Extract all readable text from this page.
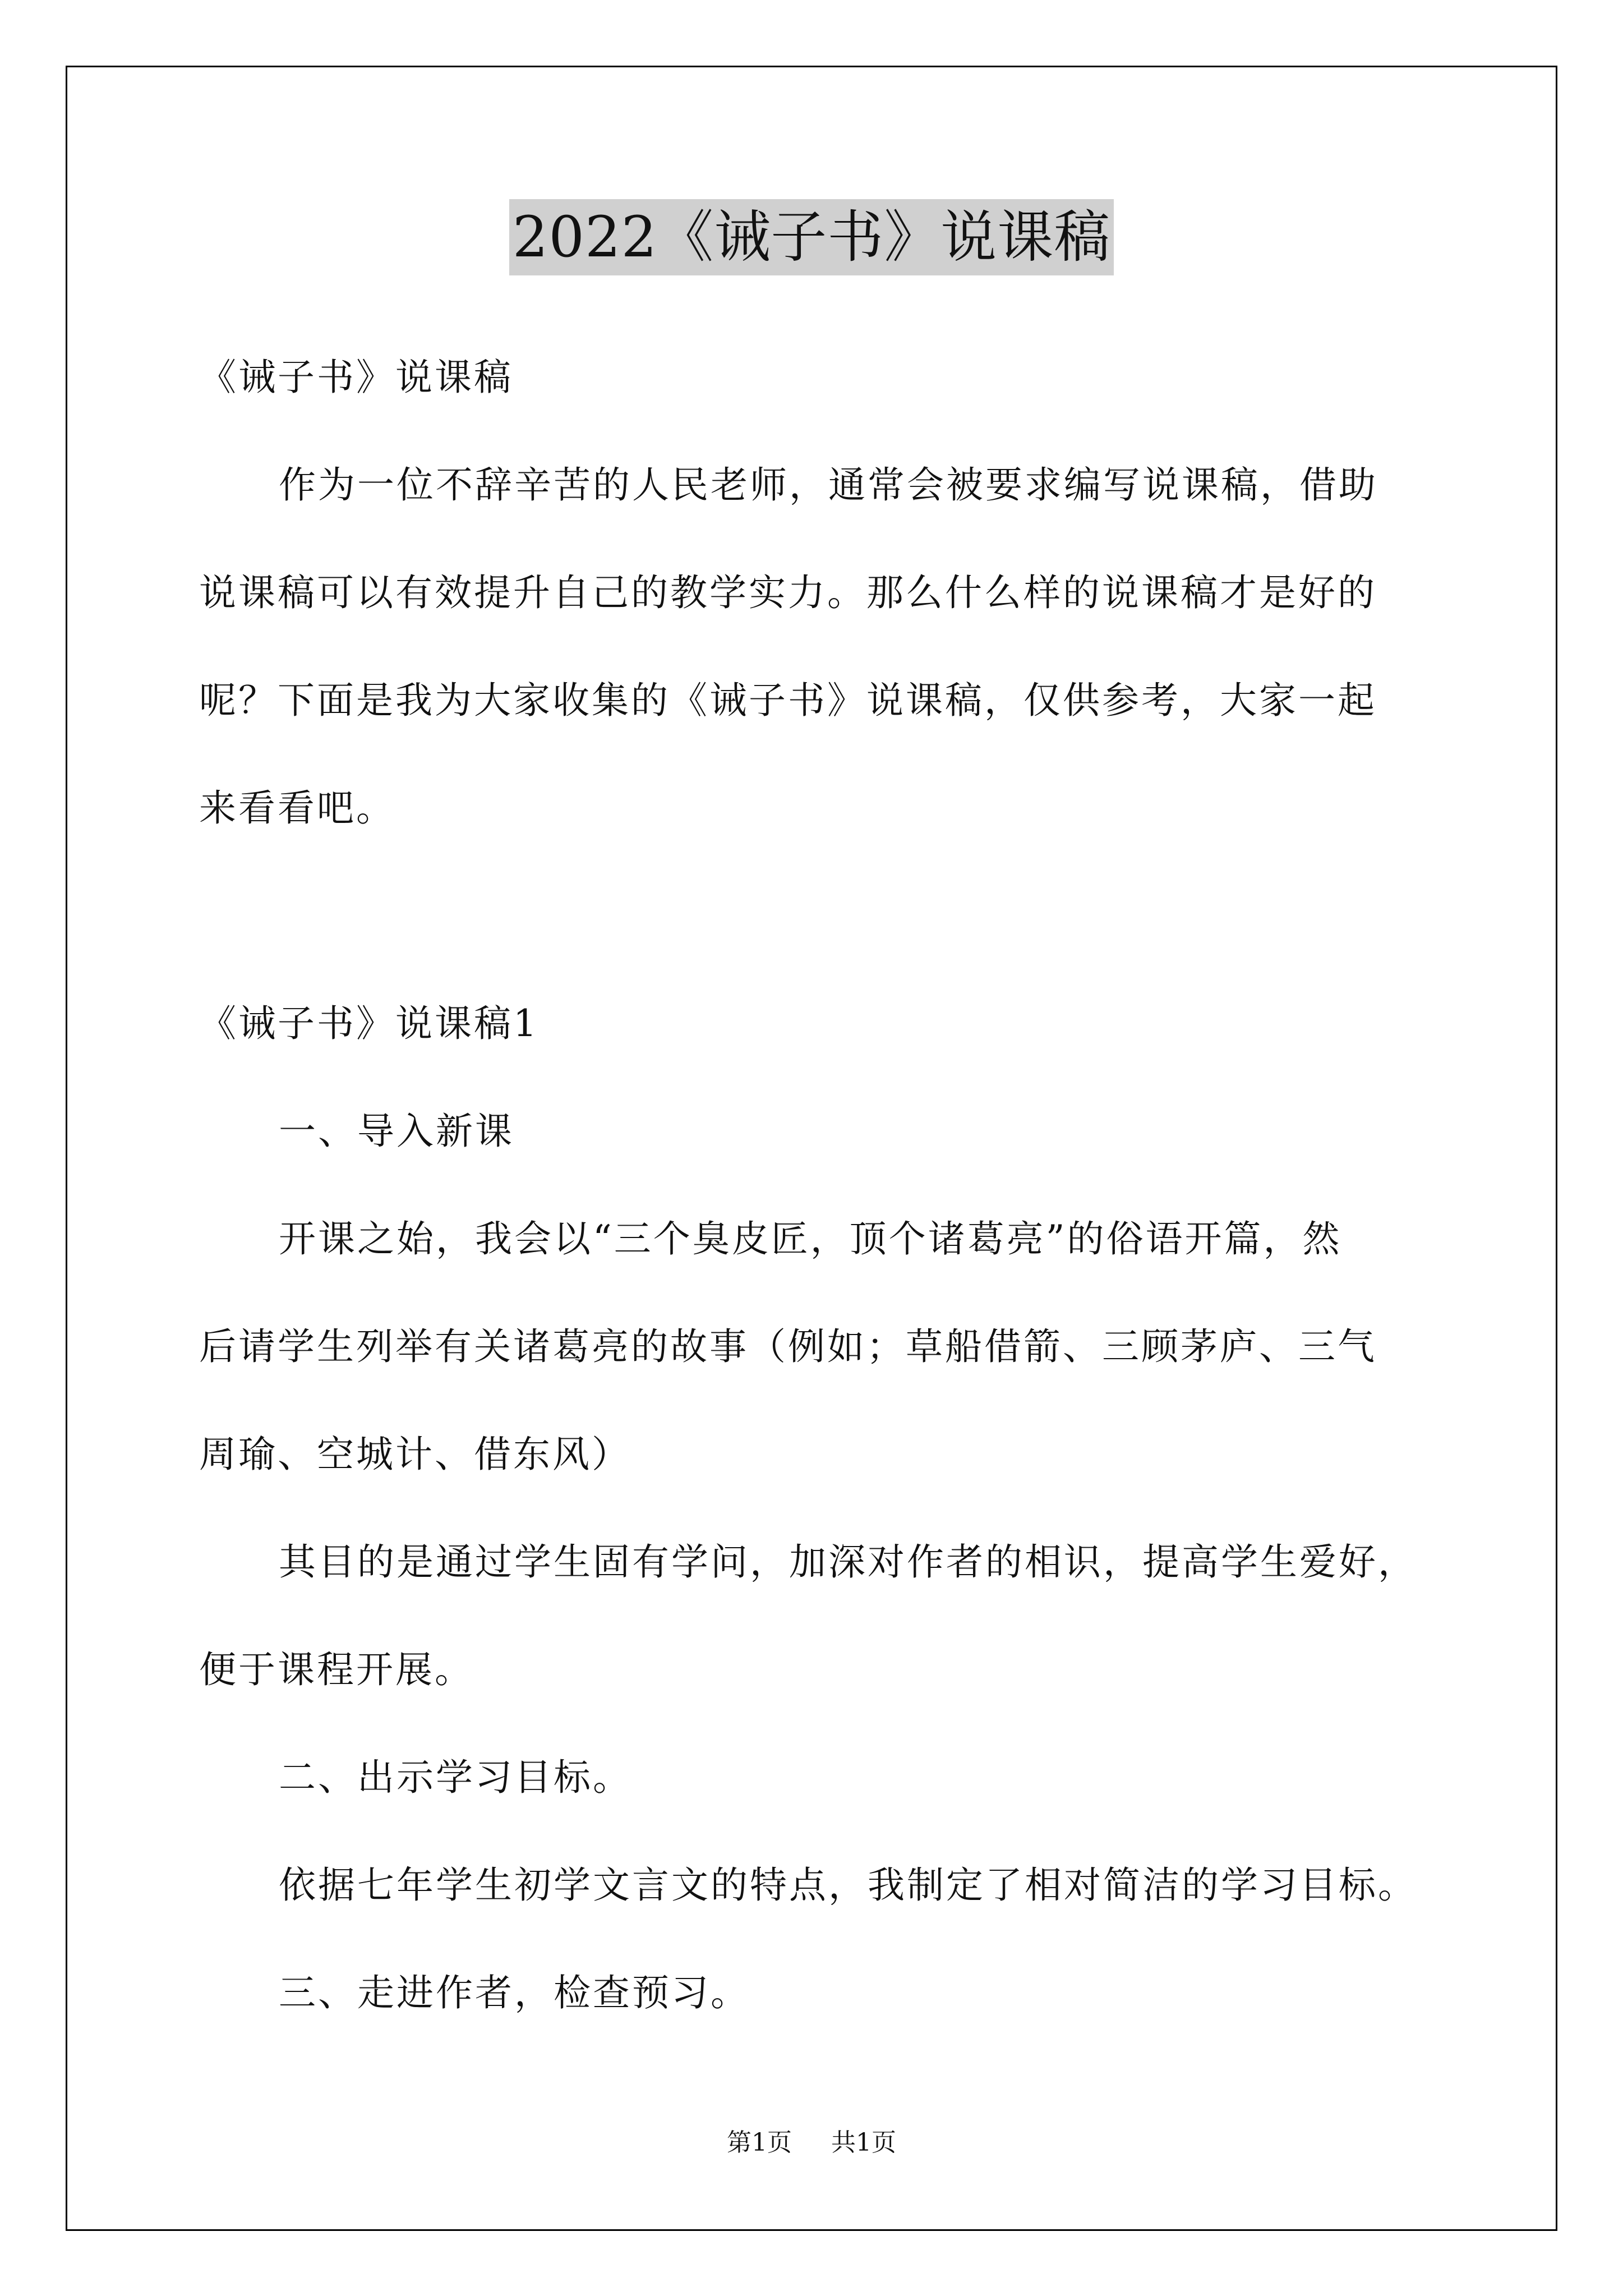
2022《诫子书》说课稿
《诫子书》说课稿
作为一位不辞辛苦的人民老师，通常会被要求编写说课稿，借助
说课稿可以有效提升自己的教学实力。那么什么样的说课稿才是好的
呢？下面是我为大家收集的《诫子书》说课稿，仅供参考，大家一起
来看看吧。
《诫子书》说课稿1
一、导入新课
开课之始，我会以“三个臭皮匠，顶个诸葛亮”的俗语开篇，然
后请学生列举有关诸葛亮的故事（例如；草船借箭、三顾茅庐、三气
周瑜、空城计、借东风）
其目的是通过学生固有学问，加深对作者的相识，提高学生爱好，
便于课程开展。
二、出示学习目标。
依据七年学生初学文言文的特点，我制定了相对简洁的学习目标。
三、走进作者，检查预习。
第1页 共1页
